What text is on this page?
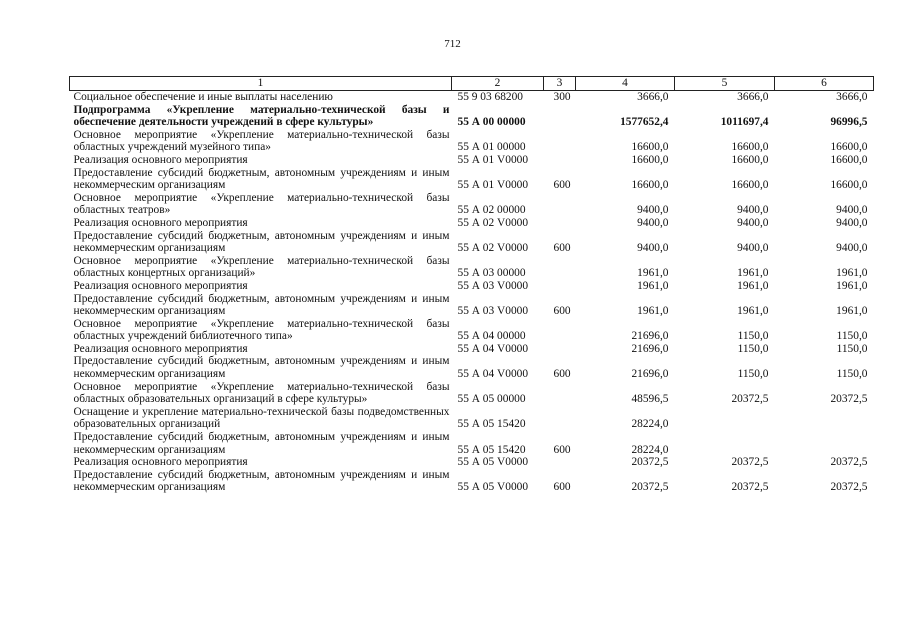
712
1	2	3	4	5	6
Социальное обеспечение и иные выплаты населению	55 9 03 68200	300	3666,0	3666,0	3666,0
Подпрограмма «Укрепление материально-технической базы и обеспечение деятельности учреждений в сфере культуры»	55 А 00 00000		1577652,4	1011697,4	96996,5
Основное мероприятие «Укрепление материально-технической базы областных учреждений музейного типа»	55 А 01 00000		16600,0	16600,0	16600,0
Реализация основного мероприятия	55 А 01 V0000		16600,0	16600,0	16600,0
Предоставление субсидий бюджетным, автономным учреждениям и иным некоммерческим организациям	55 А 01 V0000	600	16600,0	16600,0	16600,0
Основное мероприятие «Укрепление материально-технической базы областных театров»	55 А 02 00000		9400,0	9400,0	9400,0
Реализация основного мероприятия	55 А 02 V0000		9400,0	9400,0	9400,0
Предоставление субсидий бюджетным, автономным учреждениям и иным некоммерческим организациям	55 А 02 V0000	600	9400,0	9400,0	9400,0
Основное мероприятие «Укрепление материально-технической базы областных концертных организаций»	55 А 03 00000		1961,0	1961,0	1961,0
Реализация основного мероприятия	55 А 03 V0000		1961,0	1961,0	1961,0
Предоставление субсидий бюджетным, автономным учреждениям и иным некоммерческим организациям	55 А 03 V0000	600	1961,0	1961,0	1961,0
Основное мероприятие «Укрепление материально-технической базы областных учреждений библиотечного типа»	55 А 04 00000		21696,0	1150,0	1150,0
Реализация основного мероприятия	55 А 04 V0000		21696,0	1150,0	1150,0
Предоставление субсидий бюджетным, автономным учреждениям и иным некоммерческим организациям	55 А 04 V0000	600	21696,0	1150,0	1150,0
Основное мероприятие «Укрепление материально-технической базы областных образовательных организаций в сфере культуры»	55 А 05 00000		48596,5	20372,5	20372,5
Оснащение и укрепление материально-технической базы подведомственных образовательных организаций	55 А 05 15420		28224,0		
Предоставление субсидий бюджетным, автономным учреждениям и иным некоммерческим организациям	55 А 05 15420	600	28224,0		
Реализация основного мероприятия	55 А 05 V0000		20372,5	20372,5	20372,5
Предоставление субсидий бюджетным, автономным учреждениям и иным некоммерческим организациям	55 А 05 V0000	600	20372,5	20372,5	20372,5
